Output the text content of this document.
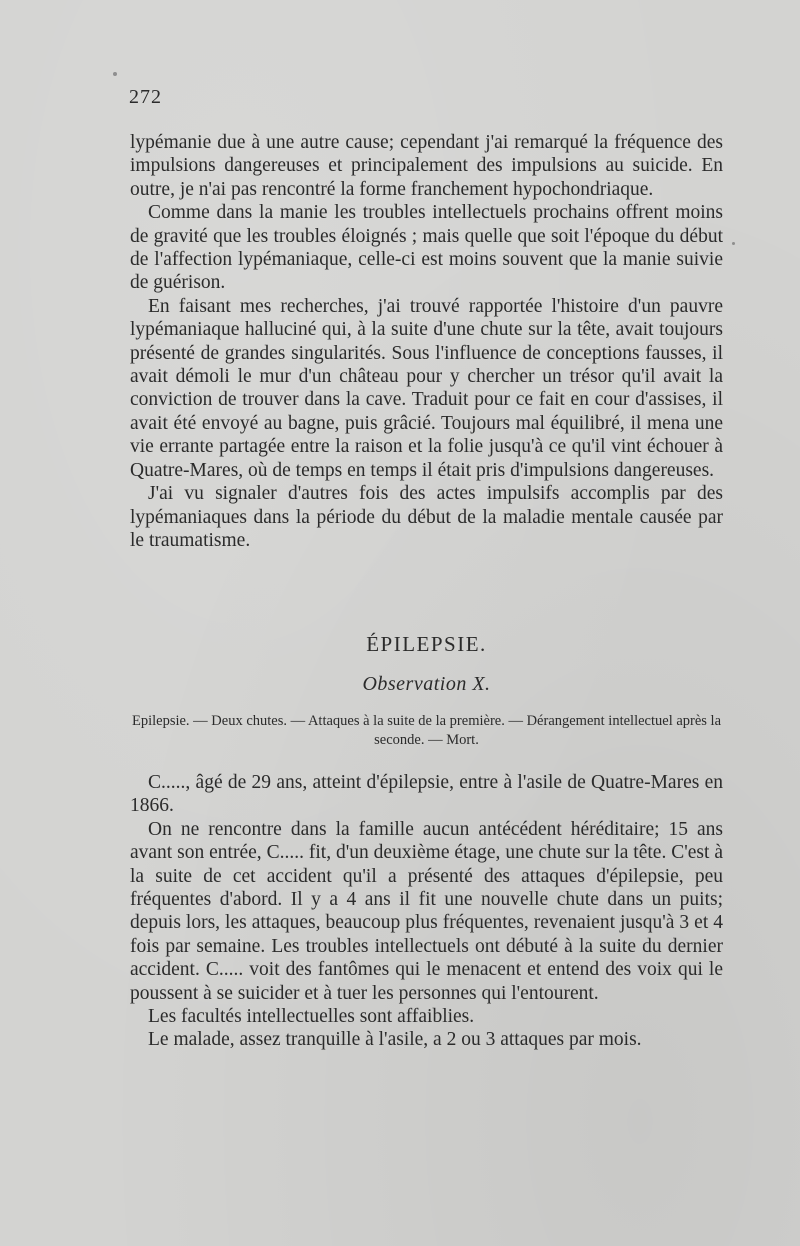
272

lypémanie due à une autre cause; cependant j'ai remarqué la fréquence des impulsions dangereuses et principalement des impulsions au suicide. En outre, je n'ai pas rencontré la forme franchement hypochondriaque.

Comme dans la manie les troubles intellectuels prochains offrent moins de gravité que les troubles éloignés ; mais quelle que soit l'époque du début de l'affection lypémaniaque, celle-ci est moins souvent que la manie suivie de guérison.

En faisant mes recherches, j'ai trouvé rapportée l'histoire d'un pauvre lypémaniaque halluciné qui, à la suite d'une chute sur la tête, avait toujours présenté de grandes singularités. Sous l'influence de conceptions fausses, il avait démoli le mur d'un château pour y chercher un trésor qu'il avait la conviction de trouver dans la cave. Traduit pour ce fait en cour d'assises, il avait été envoyé au bagne, puis grâcié. Toujours mal équilibré, il mena une vie errante partagée entre la raison et la folie jusqu'à ce qu'il vint échouer à Quatre-Mares, où de temps en temps il était pris d'impulsions dangereuses.

J'ai vu signaler d'autres fois des actes impulsifs accomplis par des lypémaniaques dans la période du début de la maladie mentale causée par le traumatisme.

ÉPILEPSIE.
Observation X.
Epilepsie. — Deux chutes. — Attaques à la suite de la première. — Dérangement intellectuel après la seconde. — Mort.

C....., âgé de 29 ans, atteint d'épilepsie, entre à l'asile de Quatre-Mares en 1866.

On ne rencontre dans la famille aucun antécédent héréditaire; 15 ans avant son entrée, C..... fit, d'un deuxième étage, une chute sur la tête. C'est à la suite de cet accident qu'il a présenté des attaques d'épilepsie, peu fréquentes d'abord. Il y a 4 ans il fit une nouvelle chute dans un puits; depuis lors, les attaques, beaucoup plus fréquentes, revenaient jusqu'à 3 et 4 fois par semaine. Les troubles intellectuels ont débuté à la suite du dernier accident. C..... voit des fantômes qui le menacent et entend des voix qui le poussent à se suicider et à tuer les personnes qui l'entourent.

Les facultés intellectuelles sont affaiblies.

Le malade, assez tranquille à l'asile, a 2 ou 3 attaques par mois.
